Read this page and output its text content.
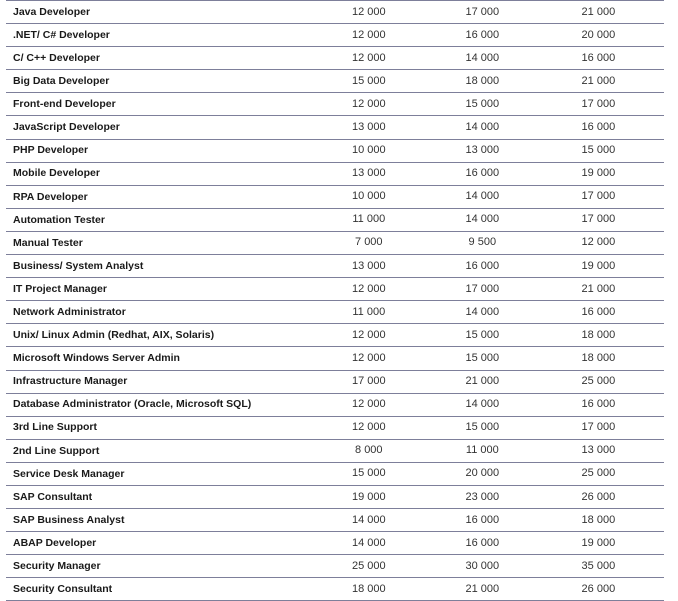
Java Developer	12 000	17 000	21 000
.NET/ C# Developer	12 000	16 000	20 000
C/ C++ Developer	12 000	14 000	16 000
Big Data Developer	15 000	18 000	21 000
Front-end Developer	12 000	15 000	17 000
JavaScript Developer	13 000	14 000	16 000
PHP Developer	10 000	13 000	15 000
Mobile Developer	13 000	16 000	19 000
RPA Developer	10 000	14 000	17 000
Automation Tester	11 000	14 000	17 000
Manual Tester	7 000	9 500	12 000
Business/ System Analyst	13 000	16 000	19 000
IT Project Manager	12 000	17 000	21 000
Network Administrator	11 000	14 000	16 000
Unix/ Linux Admin (Redhat, AIX, Solaris)	12 000	15 000	18 000
Microsoft Windows Server Admin	12 000	15 000	18 000
Infrastructure Manager	17 000	21 000	25 000
Database Administrator (Oracle, Microsoft SQL)	12 000	14 000	16 000
3rd Line Support	12 000	15 000	17 000
2nd Line Support	8 000	11 000	13 000
Service Desk Manager	15 000	20 000	25 000
SAP Consultant	19 000	23 000	26 000
SAP Business Analyst	14 000	16 000	18 000
ABAP Developer	14 000	16 000	19 000
Security Manager	25 000	30 000	35 000
Security Consultant	18 000	21 000	26 000
